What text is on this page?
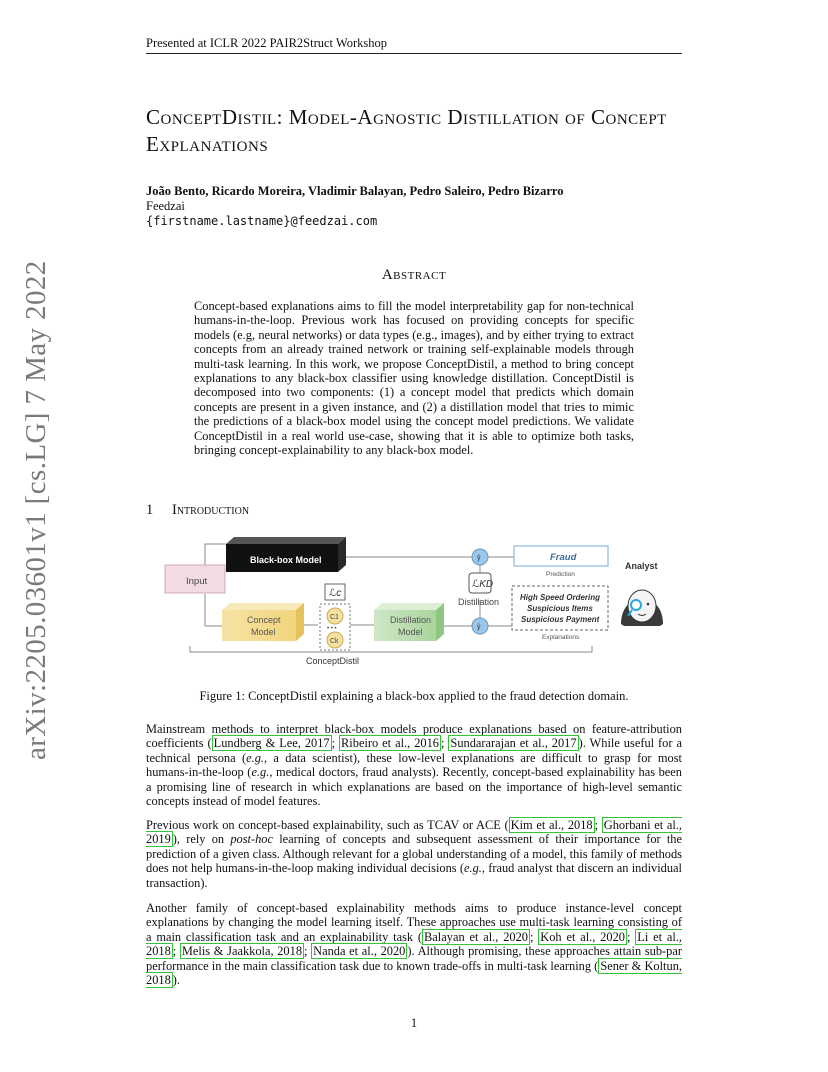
Presented at ICLR 2022 PAIR2Struct Workshop
ConceptDistil: Model-Agnostic Distillation of Concept Explanations
João Bento, Ricardo Moreira, Vladimir Balayan, Pedro Saleiro, Pedro Bizarro
Feedzai
{firstname.lastname}@feedzai.com
Abstract
Concept-based explanations aims to fill the model interpretability gap for non-technical humans-in-the-loop. Previous work has focused on providing concepts for specific models (e.g, neural networks) or data types (e.g., images), and by either trying to extract concepts from an already trained network or training self-explainable models through multi-task learning. In this work, we propose ConceptDistil, a method to bring concept explanations to any black-box classifier using knowledge distillation. ConceptDistil is decomposed into two components: (1) a concept model that predicts which domain concepts are present in a given instance, and (2) a distillation model that tries to mimic the predictions of a black-box model using the concept model predictions. We validate ConceptDistil in a real world use-case, showing that it is able to optimize both tasks, bringing concept-explainability to any black-box model.
1 Introduction
Input
Black-box Model
Concept
Model
ℒc
C1
• • •
Ck
Distillation
Model
ŷ
ŷ
ℒKD
Distillation
Fraud
Prediction
High Speed Ordering
Suspicious Items
Suspicious Payment
Explanations
Analyst
ConceptDistil
Figure 1: ConceptDistil explaining a black-box applied to the fraud detection domain.
Mainstream methods to interpret black-box models produce explanations based on feature-attribution coefficients ( Lundberg & Lee, 2017 ; Ribeiro et al., 2016 ; Sundararajan et al., 2017 ). While useful for a technical persona (e.g., a data scientist), these low-level explanations are difficult to grasp for most humans-in-the-loop (e.g., medical doctors, fraud analysts). Recently, concept-based explainability has been a promising line of research in which explanations are based on the importance of high-level semantic concepts instead of model features.
Previous work on concept-based explainability, such as TCAV or ACE ( Kim et al., 2018 ; Ghorbani et al., 2019 ), rely on post-hoc learning of concepts and subsequent assessment of their importance for the prediction of a given class. Although relevant for a global understanding of a model, this family of methods does not help humans-in-the-loop making individual decisions (e.g., fraud analyst that discern an individual transaction).
Another family of concept-based explainability methods aims to produce instance-level concept explanations by changing the model learning itself. These approaches use multi-task learning consisting of a main classification task and an explainability task ( Balayan et al., 2020 ; Koh et al., 2020 ; Li et al., 2018 ; Melis & Jaakkola, 2018 ; Nanda et al., 2020 ). Although promising, these approaches attain sub-par performance in the main classification task due to known trade-offs in multi-task learning ( Sener & Koltun, 2018 ).
1
arXiv:2205.03601v1 [cs.LG] 7 May 2022
